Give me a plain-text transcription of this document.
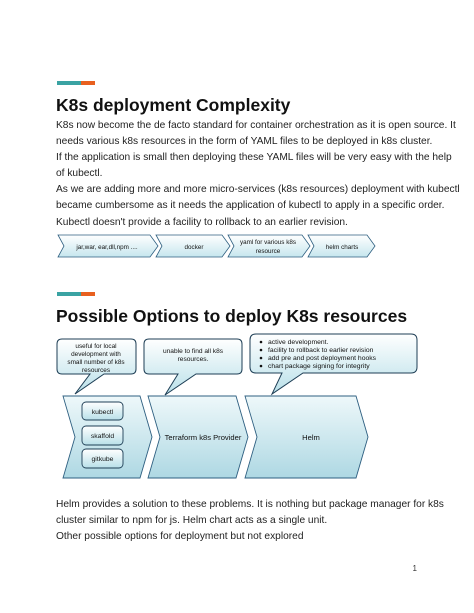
K8s deployment Complexity
K8s now become the de facto standard for container orchestration as it is open source. It
needs various k8s resources in the form of YAML files to be deployed in k8s cluster.
If the application is small then deploying these YAML files will be very easy with the help
of kubectl.
As we are adding more and more micro-services (k8s resources) deployment with kubectl
became cumbersome as it needs the application of kubectl to apply in a specific order.
Kubectl doesn't provide a facility to rollback to an earlier revision.
jar,war, ear,dll,npm ....	docker
yaml for various k8s
resource
helm charts
useful for local
development with
small number of k8s
resources
unable to find all k8s
resources.
active development.
facility to rollback to earlier revision
add pre and post deployment hooks
chart package signing for integrity
Terraform k8s Provider	Helm
kubectl
skaffold
gitkube
Possible Options to deploy K8s resources
Helm provides a solution to these problems. It is nothing but package manager for k8s
cluster similar to npm for js. Helm chart acts as a single unit.
Other possible options for deployment but not explored
1
